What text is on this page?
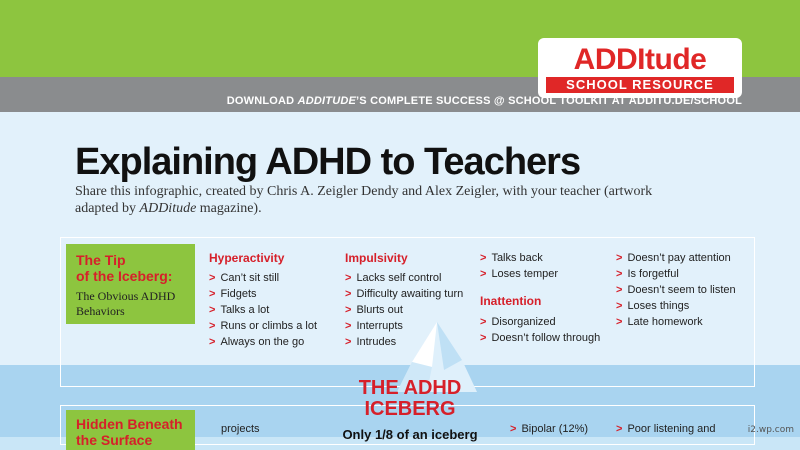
ADDItude
SCHOOL RESOURCE
DOWNLOAD ADDITUDE’S COMPLETE SUCCESS @ SCHOOL TOOLKIT AT ADDITU.DE/SCHOOL
Explaining ADHD to Teachers

Share this infographic, created by Chris A. Zeigler Dendy and Alex Zeigler, with your teacher (artwork adapted by ADDitude magazine).

The Tip
of the Iceberg:
The Obvious ADHD
Behaviors
Hyperactivity
> Can’t sit still
> Fidgets
> Talks a lot
> Runs or climbs a lot
> Always on the go
Impulsivity
> Lacks self control
> Difficulty awaiting turn
> Blurts out
> Interrupts
> Intrudes
> Talks back
> Loses temper
Inattention
> Disorganized
> Doesn’t follow through
> Doesn’t pay attention
> Is forgetful
> Doesn’t seem to listen
> Loses things
> Late homework
THE ADHD
ICEBERG
Only 1/8 of an iceberg
Hidden Beneath
the Surface
projects	> Bipolar (12%)	> Poor listening and	i2.wp.com
